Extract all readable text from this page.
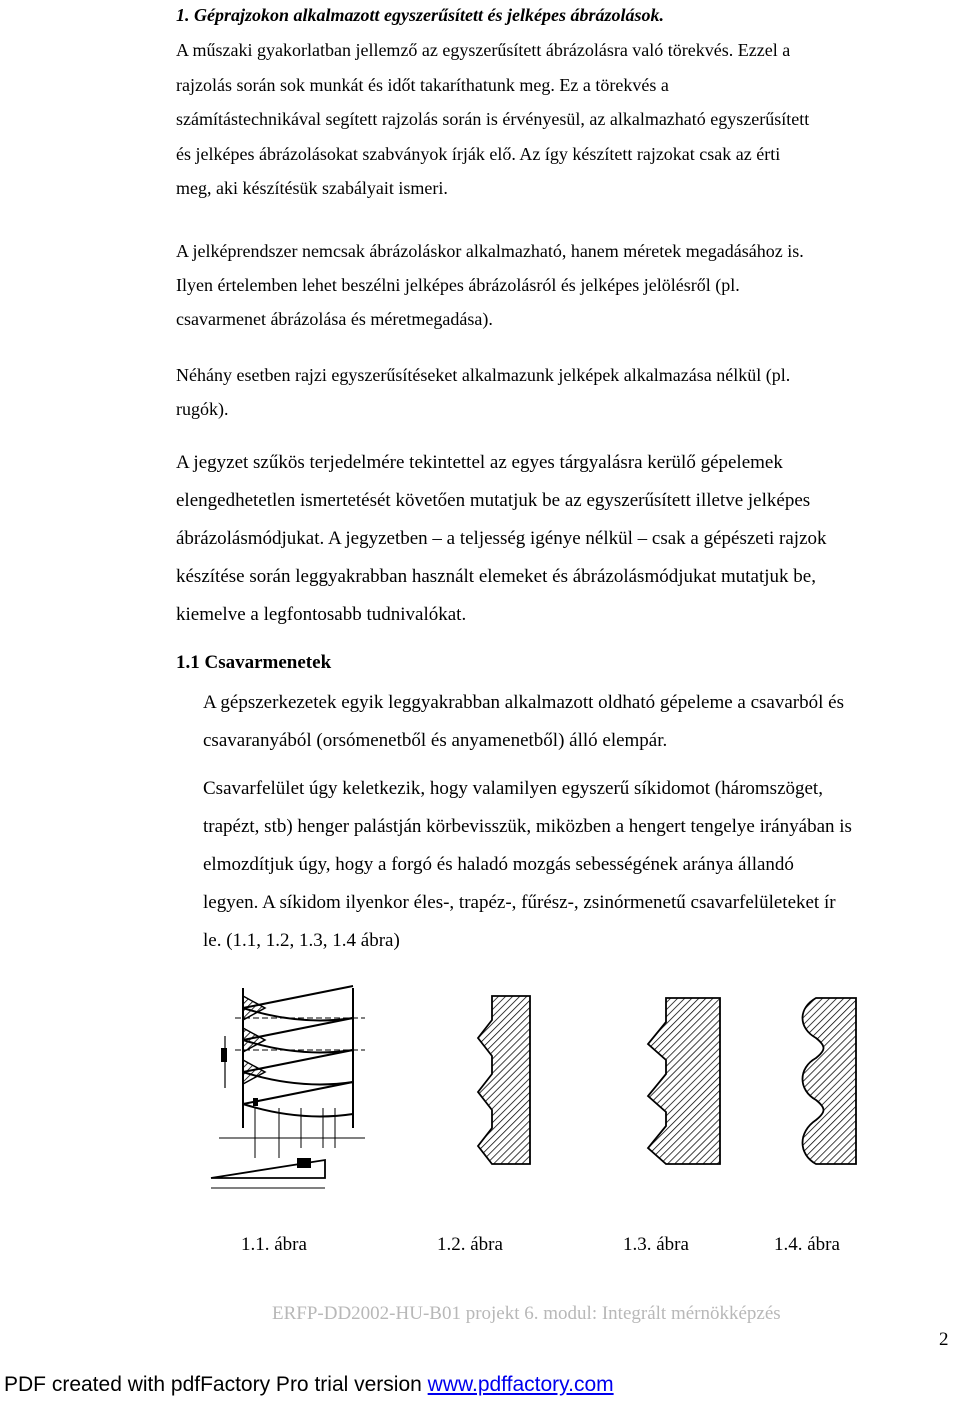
1. Géprajzokon alkalmazott egyszerűsített és jelképes ábrázolások.
A műszaki gyakorlatban jellemző az egyszerűsített ábrázolásra való törekvés. Ezzel a
rajzolás során sok munkát és időt takaríthatunk meg. Ez a törekvés a
számítástechnikával segített rajzolás során is érvényesül, az alkalmazható egyszerűsített
és jelképes ábrázolásokat szabványok írják elő. Az így készített rajzokat csak az érti
meg, aki készítésük szabályait ismeri.
A jelképrendszer nemcsak ábrázoláskor alkalmazható, hanem méretek megadásához is.
Ilyen értelemben lehet beszélni jelképes ábrázolásról és jelképes jelölésről (pl.
csavarmenet ábrázolása és méretmegadása).
Néhány esetben rajzi egyszerűsítéseket alkalmazunk jelképek alkalmazása nélkül (pl.
rugók).
A jegyzet szűkös terjedelmére tekintettel az egyes tárgyalásra kerülő gépelemek
elengedhetetlen ismertetését követően mutatjuk be az egyszerűsített illetve jelképes
ábrázolásmódjukat. A jegyzetben – a teljesség igénye nélkül – csak a gépészeti rajzok
készítése során leggyakrabban használt elemeket és ábrázolásmódjukat mutatjuk be,
kiemelve a legfontosabb tudnivalókat.
1.1 Csavarmenetek
A gépszerkezetek egyik leggyakrabban alkalmazott oldható gépeleme a csavarból és
csavaranyából (orsómenetből és anyamenetből) álló elempár.
Csavarfelület úgy keletkezik, hogy valamilyen egyszerű síkidomot (háromszöget,
trapézt, stb) henger palástján körbevisszük, miközben a hengert tengelye irányában is
elmozdítjuk úgy, hogy a forgó és haladó mozgás sebességének aránya állandó
legyen. A síkidom ilyenkor éles-, trapéz-, fűrész-, zsinórmenetű csavarfelületeket ír
le. (1.1, 1.2, 1.3, 1.4 ábra)
1.1. ábra	1.2. ábra	1.3. ábra	1.4. ábra
ERFP-DD2002-HU-B01 projekt 6. modul: Integrált mérnökképzés
2
PDF created with pdfFactory Pro trial version www.pdffactory.com
